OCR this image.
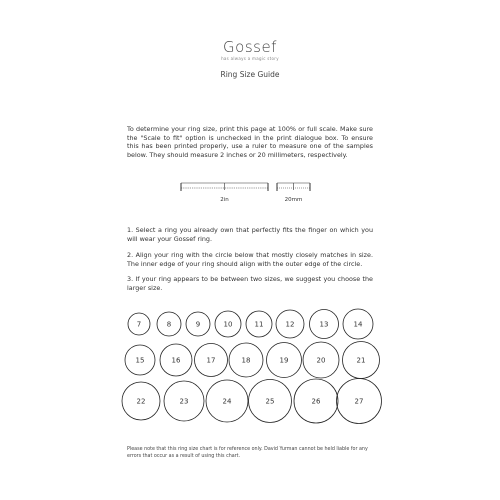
Gossef
has always a magic story
Ring Size Guide
To determine your ring size, print this page at 100% or full scale. Make sure the "Scale to fit" option is unchecked in the print dialogue box. To ensure this has been printed properly, use a ruler to measure one of the samples below. They should measure 2 inches or 20 millimeters, respectively.
2in	20mm
1. Select a ring you already own that perfectly fits the finger on which you will wear your Gossef ring.
2. Align your ring with the circle below that mostly closely matches in size. The inner edge of your ring should align with the outer edge of the circle.
3. If your ring appears to be between two sizes, we suggest you choose the larger size.
7	8	9	10	11	12	13	14
15	16	17	18	19	20	21
22	23	24	25	26	27
Please note that this ring size chart is for reference only. David Yurman cannot be held liable for any errors that occur as a result of using this chart.
